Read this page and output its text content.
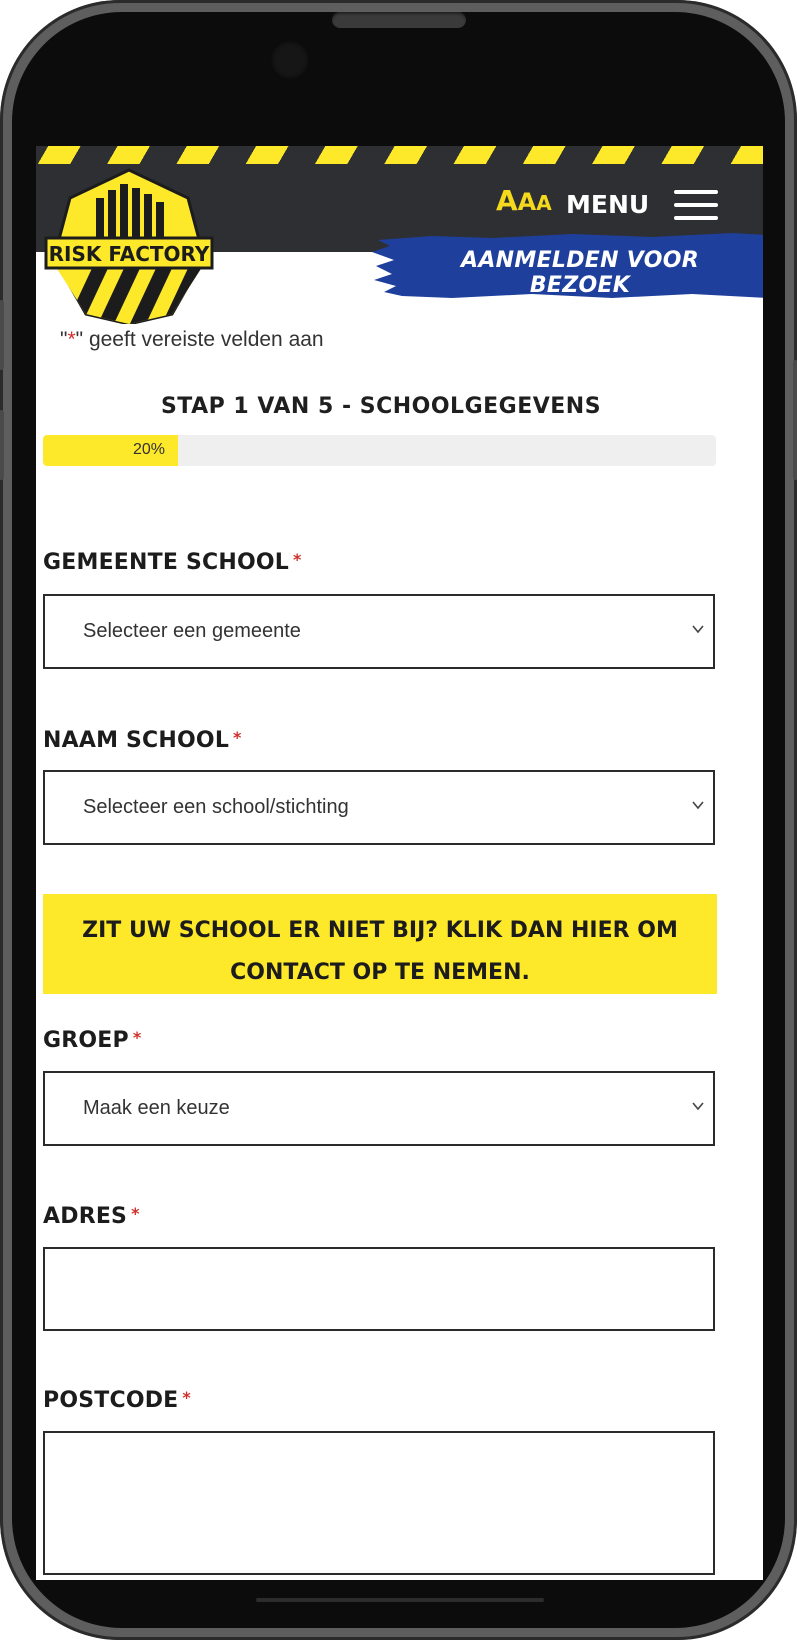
RISK FACTORY
AAA MENU
AANMELDEN VOOR BEZOEK
"*" geeft vereiste velden aan
STAP 1 VAN 5 - SCHOOLGEGEVENS
20%
GEMEENTE SCHOOL *
Selecteer een gemeente
NAAM SCHOOL *
Selecteer een school/stichting
ZIT UW SCHOOL ER NIET BIJ? KLIK DAN HIER OM CONTACT OP TE NEMEN.
GROEP *
Maak een keuze
ADRES *
POSTCODE *
